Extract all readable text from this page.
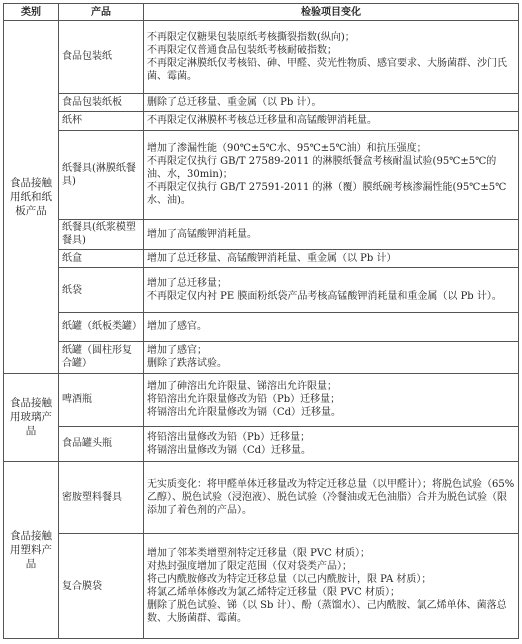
类别	产品	检验项目变化
食品接触用纸和纸板产品	食品包装纸	不再限定仅糖果包装原纸考核撕裂指数(纵向)；
不再限定仅普通食品包装纸考核耐破指数；
不再限定淋膜纸仅考核铅、砷、甲醛、荧光性物质、感官要求、大肠菌群、沙门氏菌、霉菌。

	食品包装纸板	删除了总迁移量、重金属（以 Pb 计）。

	纸杯	不再限定仅淋膜杯考核总迁移量和高锰酸钾消耗量。

	纸餐具(淋膜纸餐具)	增加了渗漏性能（90℃±5℃水、95℃±5℃油）和抗压强度；
不再限定仅执行 GB/T 27589-2011 的淋膜纸餐盒考核耐温试验(95℃±5℃的油、水，30min)；
不再限定仅执行 GB/T 27591-2011 的淋（覆）膜纸碗考核渗漏性能(95℃±5℃水、油)。

	纸餐具(纸浆模塑餐具)	增加了高锰酸钾消耗量。

	纸盒	增加了总迁移量、高锰酸钾消耗量、重金属（以 Pb 计）

	纸袋	增加了总迁移量；
不再限定仅内衬 PE 膜面粉纸袋产品考核高锰酸钾消耗量和重金属（以 Pb 计）。

	纸罐（纸板类罐）	增加了感官。

	纸罐（圆柱形复合罐）	增加了感官；
删除了跌落试验。

食品接触用玻璃产品	啤酒瓶	增加了砷溶出允许限量、锑溶出允许限量；
将铅溶出允许限量修改为铅（Pb）迁移量；
将镉溶出允许限量修改为镉（Cd）迁移量。

	食品罐头瓶	将铅溶出量修改为铅（Pb）迁移量；
将镉溶出量修改为镉（Cd）迁移量。

食品接触用塑料产品	密胺塑料餐具	无实质变化：将甲醛单体迁移量改为特定迁移总量（以甲醛计）；将脱色试验（65%乙醇）、脱色试验（浸泡液）、脱色试验（冷餐油或无色油脂）合并为脱色试验（限添加了着色剂的产品）。

	复合膜袋	增加了邻苯类增塑剂特定迁移量（限 PVC 材质）；
对热封强度增加了限定范围（仅对袋类产品）；
将己内酰胺修改为特定迁移总量（以己内酰胺计，限 PA 材质）；
将氯乙烯单体修改为氯乙烯特定迁移量（限 PVC 材质）；
删除了脱色试验、锑（以 Sb 计）、酚（蒸馏水）、己内酰胺、氯乙烯单体、菌落总数、大肠菌群、霉菌。
